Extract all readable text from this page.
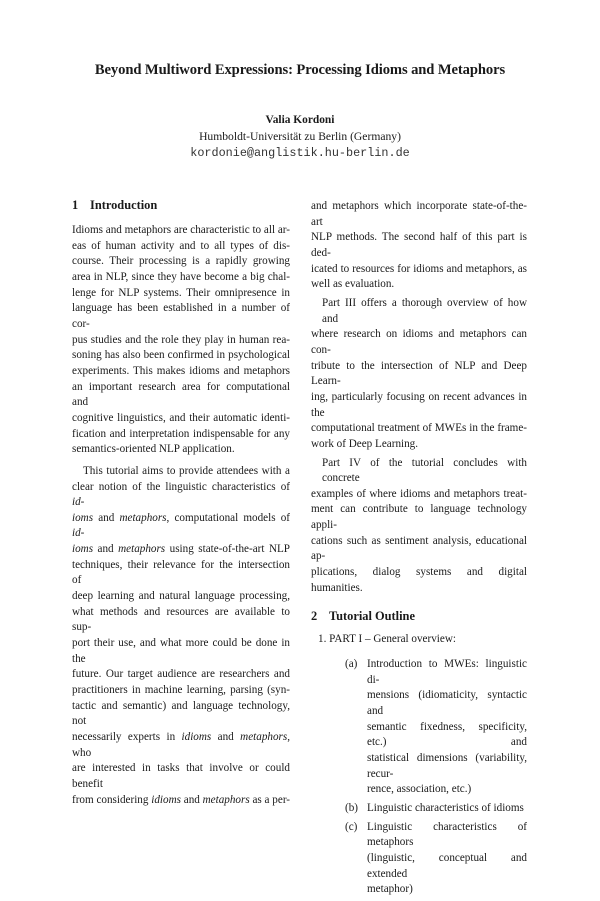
Beyond Multiword Expressions: Processing Idioms and Metaphors
Valia Kordoni
Humboldt-Universität zu Berlin (Germany)
kordonie@anglistik.hu-berlin.de
1 Introduction

Idioms and metaphors are characteristic to all ar-
eas of human activity and to all types of dis-
course. Their processing is a rapidly growing
area in NLP, since they have become a big chal-
lenge for NLP systems. Their omnipresence in
language has been established in a number of cor-
pus studies and the role they play in human rea-
soning has also been confirmed in psychological
experiments. This makes idioms and metaphors
an important research area for computational and
cognitive linguistics, and their automatic identi-
fication and interpretation indispensable for any
semantics-oriented NLP application.

This tutorial aims to provide attendees with a
clear notion of the linguistic characteristics of id-
ioms and metaphors, computational models of id-
ioms and metaphors using state-of-the-art NLP
techniques, their relevance for the intersection of
deep learning and natural language processing,
what methods and resources are available to sup-
port their use, and what more could be done in the
future. Our target audience are researchers and
practitioners in machine learning, parsing (syn-
tactic and semantic) and language technology, not
necessarily experts in idioms and metaphors, who
are interested in tasks that involve or could benefit
from considering idioms and metaphors as a per-

and metaphors which incorporate state-of-the-art
NLP methods. The second half of this part is ded-
icated to resources for idioms and metaphors, as
well as evaluation.

Part III offers a thorough overview of how and
where research on idioms and metaphors can con-
tribute to the intersection of NLP and Deep Learn-
ing, particularly focusing on recent advances in the
computational treatment of MWEs in the frame-
work of Deep Learning.

Part IV of the tutorial concludes with concrete
examples of where idioms and metaphors treat-
ment can contribute to language technology appli-
cations such as sentiment analysis, educational ap-
plications, dialog systems and digital humanities.

2 Tutorial Outline
1. PART I – General overview:
(a) Introduction to MWEs: linguistic di-
mensions (idiomaticity, syntactic and
semantic fixedness, specificity, etc.) and
statistical dimensions (variability, recur-
rence, association, etc.)
(b) Linguistic characteristics of idioms
(c) Linguistic characteristics of metaphors
(linguistic, conceptual and extended
metaphor)
